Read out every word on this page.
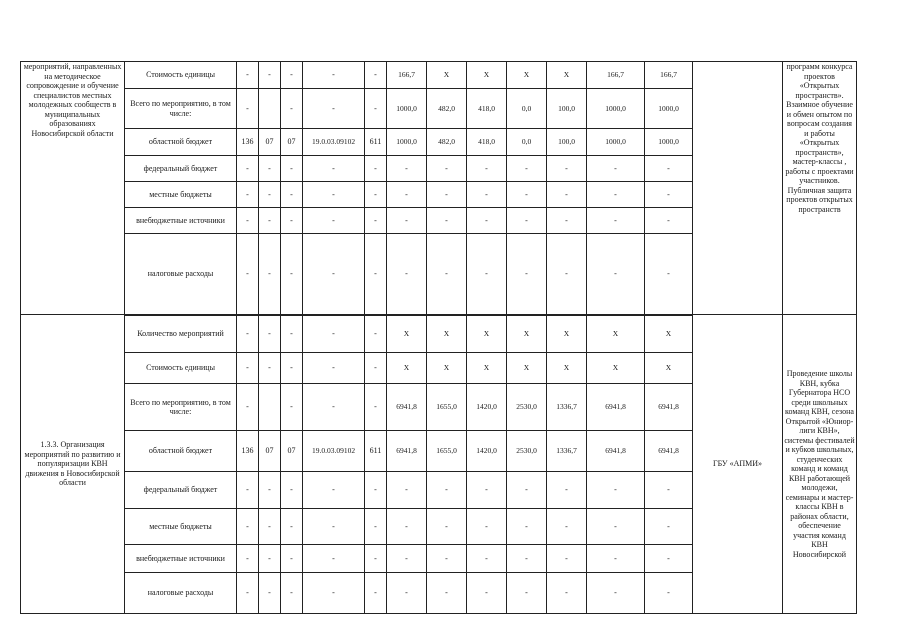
мероприятий, направленных на методическое сопровождение и обучение специалистов местных молодежных сообществ в муниципальных образованиях Новосибирской области	Стоимость единицы	-	-	-	-	-	166,7	X	X	X	X	166,7	166,7		программ конкурса проектов «Открытых пространств». Взаимное обучение и обмен опытом по вопросам создания и работы «Открытых пространств», мастер-классы , работы с проектами участников. Публичная защита проектов открытых пространств
	Всего по мероприятию, в том числе:	-		-	-	-	1000,0	482,0	418,0	0,0	100,0	1000,0	1000,0		
	областной бюджет	136	07	07	19.0.03.09102	611	1000,0	482,0	418,0	0,0	100,0	1000,0	1000,0		
	федеральный бюджет	-	-	-	-	-	-	-	-	-	-	-	-		
	местные бюджеты	-	-	-	-	-	-	-	-	-	-	-	-		
	внебюджетные источники	-	-	-	-	-	-	-	-	-	-	-	-		
	налоговые расходы	-	-	-	-	-	-	-	-	-	-	-	-		
1.3.3. Организация мероприятий по развитию и популяризации КВН движения в Новосибирской области	Количество мероприятий	-	-	-	-	-	X	X	X	X	X	X	X	ГБУ «АПМИ»	Проведение школы КВН, кубка Губернатора НСО среди школьных команд КВН, сезона Открытой «Юниор-лиги КВН», системы фестивалей и кубков школьных, студенческих команд и команд КВН работающей молодежи, семинары и мастер-классы КВН в районах области, обеспечение участия команд КВН Новосибирской
	Стоимость единицы	-	-	-	-	-	X	X	X	X	X	X	X		
	Всего по мероприятию, в том числе:	-		-	-	-	6941,8	1655,0	1420,0	2530,0	1336,7	6941,8	6941,8		
	областной бюджет	136	07	07	19.0.03.09102	611	6941,8	1655,0	1420,0	2530,0	1336,7	6941,8	6941,8		
	федеральный бюджет	-	-	-	-	-	-	-	-	-	-	-	-		
	местные бюджеты	-	-	-	-	-	-	-	-	-	-	-	-		
	внебюджетные источники	-	-	-	-	-	-	-	-	-	-	-	-		
	налоговые расходы	-	-	-	-	-	-	-	-	-	-	-	-		
